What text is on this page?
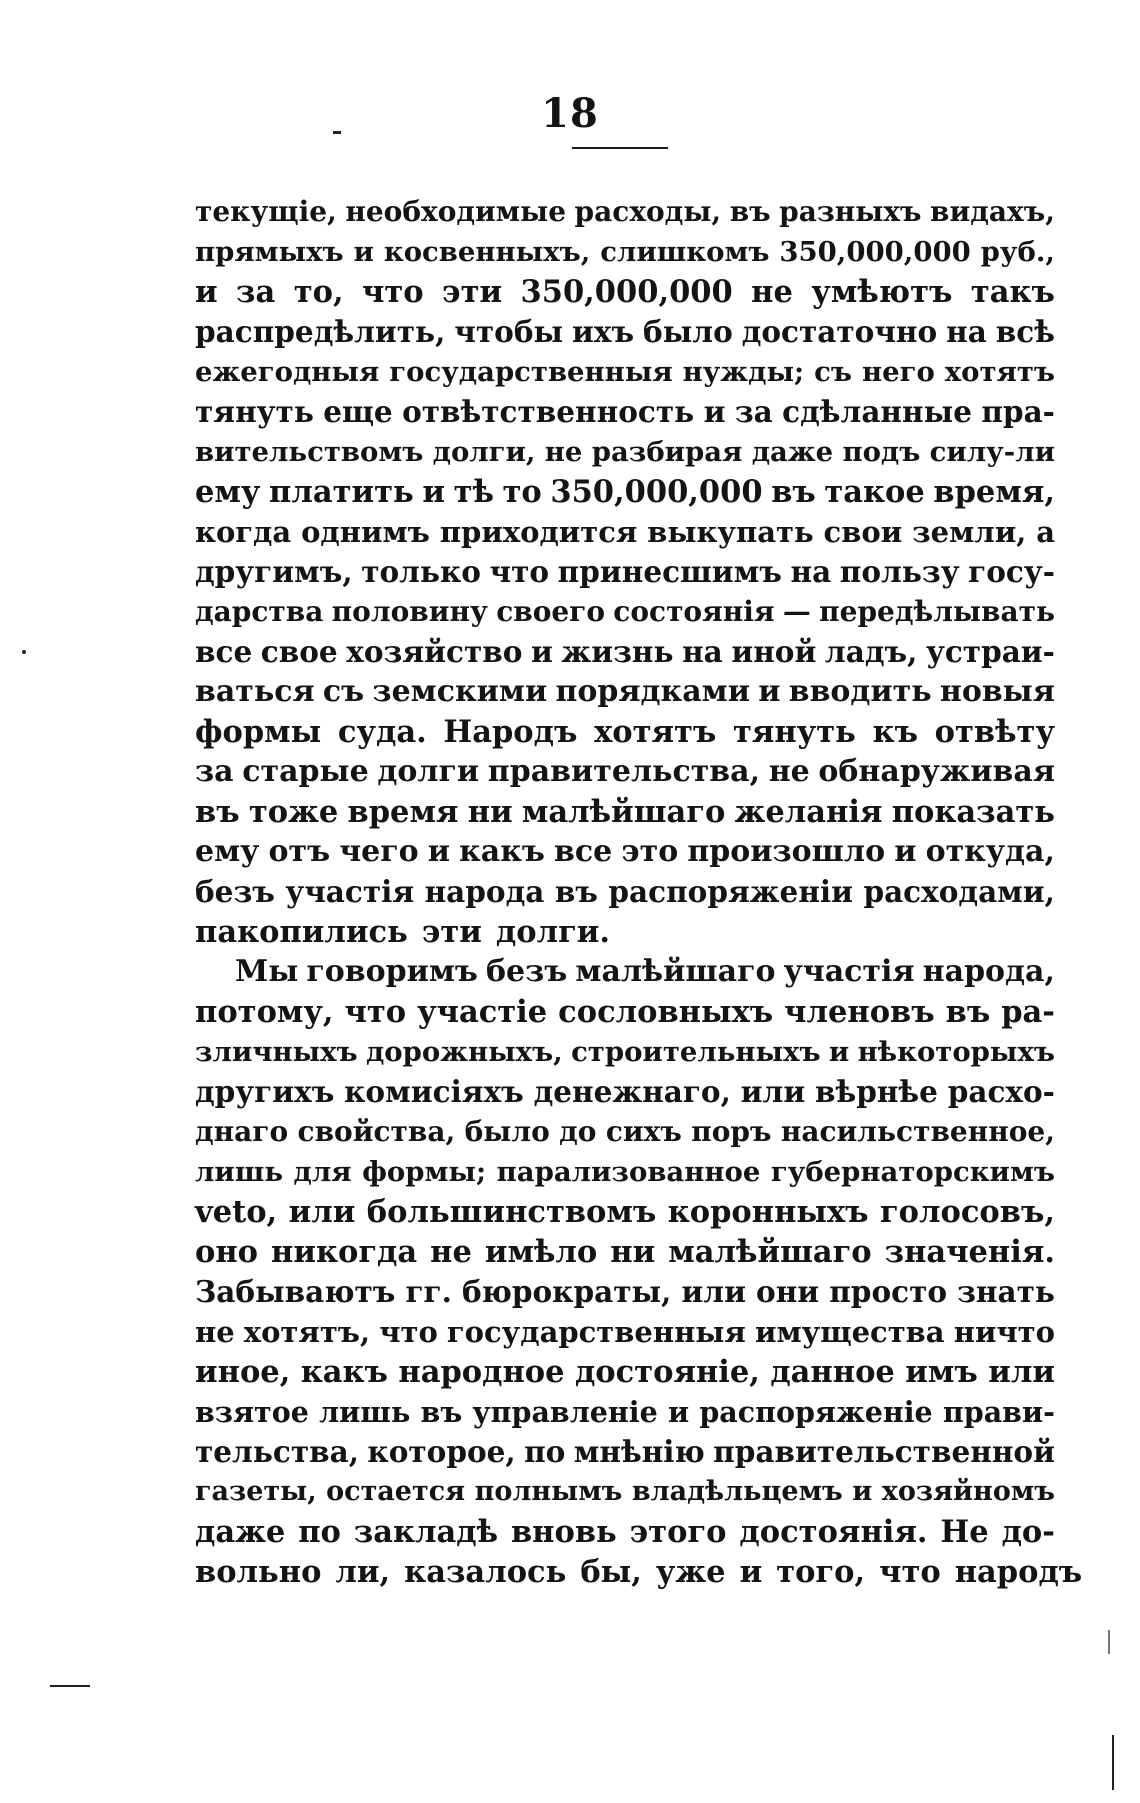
18
текущіе, необходимые расходы, въ разныхъ видахъ,
прямыхъ и косвенныхъ, слишкомъ 350,000,000 руб.,
и за то, что эти 350,000,000 не умѣютъ такъ
распредѣлить, чтобы ихъ было достаточно на всѣ
ежегодныя государственныя нужды; съ него хотятъ
тянуть еще отвѣтственность и за сдѣланные пра-
вительствомъ долги, не разбирая даже подъ силу-ли
ему платить и тѣ то 350,000,000 въ такое время,
когда однимъ приходится выкупать свои земли, а
другимъ, только что принесшимъ на пользу госу-
дарства половину своего состоянія — передѣлывать
все свое хозяйство и жизнь на иной ладъ, устраи-
ваться съ земскими порядками и вводить новыя
формы суда. Народъ хотятъ тянуть къ отвѣту
за старые долги правительства, не обнаруживая
въ тоже время ни малѣйшаго желанія показать
ему отъ чего и какъ все это произошло и откуда,
безъ участія народа въ распоряженіи расходами,
пакопились эти долги.
Мы говоримъ безъ малѣйшаго участія народа,
потому, что участіе сословныхъ членовъ въ ра-
зличныхъ дорожныхъ, строительныхъ и нѣкоторыхъ
другихъ комисіяхъ денежнаго, или вѣрнѣе расхо-
днаго свойства, было до сихъ поръ насильственное,
лишь для формы; парализованное губернаторскимъ
veto, или большинствомъ коронныхъ голосовъ,
оно никогда не имѣло ни малѣйшаго значенія.
Забываютъ гг. бюрократы, или они просто знать
не хотятъ, что государственныя имущества ничто
иное, какъ народное достояніе, данное имъ или
взятое лишь въ управленіе и распоряженіе прави-
тельства, которое, по мнѣнію правительственной
газеты, остается полнымъ владѣльцемъ и хозяйномъ
даже по закладѣ вновь этого достоянія. Не до-
вольно ли, казалось бы, уже и того, что народъ
